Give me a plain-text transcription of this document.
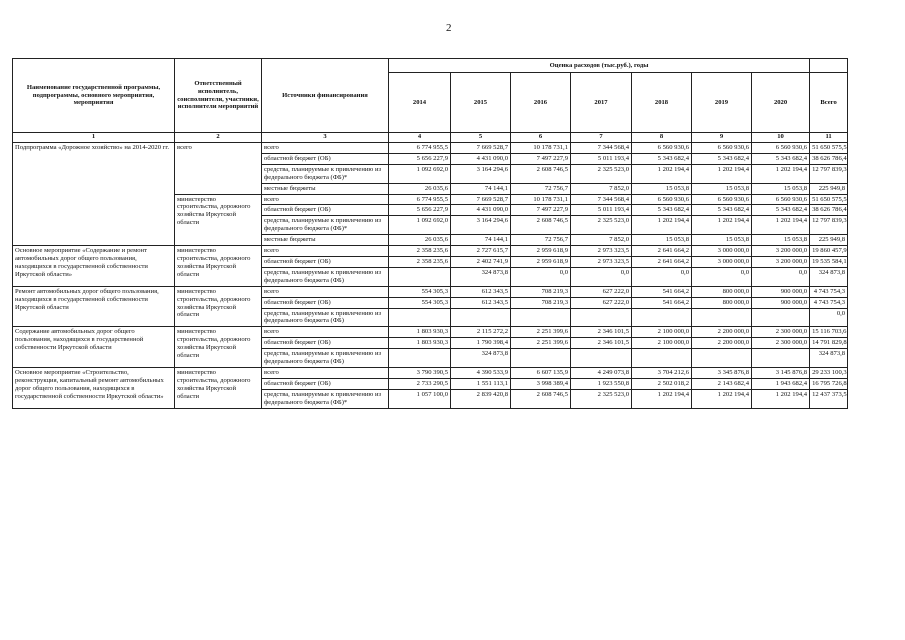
2
Наименование государственной программы, подпрограммы, основного мероприятия, мероприятия	Ответственный исполнитель, соисполнители, участники, исполнители мероприятий	Источники финансирования	Оценка расходов (тыс.руб.), годы							
			2014	2015	2016	2017	2018	2019	2020	Всего
1	2	3	4	5	6	7	8	9	10	11
Подпрограмма «Дорожное хозяйство» на 2014-2020 гг.	всего	всего	6 774 955,5	7 669 528,7	10 178 731,1	7 344 568,4	6 560 930,6	6 560 930,6	6 560 930,6	51 650 575,5
		областной бюджет (ОБ)	5 656 227,9	4 431 090,0	7 497 227,9	5 011 193,4	5 343 682,4	5 343 682,4	5 343 682,4	38 626 786,4
		средства, планируемые к привлечению из федерального бюджета (ФБ)*	1 092 692,0	3 164 294,6	2 608 746,5	2 325 523,0	1 202 194,4	1 202 194,4	1 202 194,4	12 797 839,3
		местные бюджеты	26 035,6	74 144,1	72 756,7	7 852,0	15 053,8	15 053,8	15 053,8	225 949,8
	министерство строительства, дорожного хозяйства Иркутской области	всего	6 774 955,5	7 669 528,7	10 178 731,1	7 344 568,4	6 560 930,6	6 560 930,6	6 560 930,6	51 650 575,5
		областной бюджет (ОБ)	5 656 227,9	4 431 090,0	7 497 227,9	5 011 193,4	5 343 682,4	5 343 682,4	5 343 682,4	38 626 786,4
		средства, планируемые к привлечению из федерального бюджета (ФБ)*	1 092 692,0	3 164 294,6	2 608 746,5	2 325 523,0	1 202 194,4	1 202 194,4	1 202 194,4	12 797 839,3
		местные бюджеты	26 035,6	74 144,1	72 756,7	7 852,0	15 053,8	15 053,8	15 053,8	225 949,8
Основное мероприятие «Содержание и ремонт автомобильных дорог общего пользования, находящихся в государственной собственности Иркутской области»	министерство строительства, дорожного хозяйства Иркутской области	всего	2 358 235,6	2 727 615,7	2 959 618,9	2 973 323,5	2 641 664,2	3 000 000,0	3 200 000,0	19 860 457,9
		областной бюджет (ОБ)	2 358 235,6	2 402 741,9	2 959 618,9	2 973 323,5	2 641 664,2	3 000 000,0	3 200 000,0	19 535 584,1
		средства, планируемые к привлечению из федерального бюджета (ФБ)		324 873,8	0,0	0,0	0,0	0,0	0,0	324 873,8
Ремонт автомобильных дорог общего пользования, находящихся в государственной собственности Иркутской области	министерство строительства, дорожного хозяйства Иркутской области	всего	554 305,3	612 343,5	708 219,3	627 222,0	541 664,2	800 000,0	900 000,0	4 743 754,3
		областной бюджет (ОБ)	554 305,3	612 343,5	708 219,3	627 222,0	541 664,2	800 000,0	900 000,0	4 743 754,3
		средства, планируемые к привлечению из федерального бюджета (ФБ)								0,0
Содержание автомобильных дорог общего пользования, находящихся в государственной собственности Иркутской области	министерство строительства, дорожного хозяйства Иркутской области	всего	1 803 930,3	2 115 272,2	2 251 399,6	2 346 101,5	2 100 000,0	2 200 000,0	2 300 000,0	15 116 703,6
		областной бюджет (ОБ)	1 803 930,3	1 790 398,4	2 251 399,6	2 346 101,5	2 100 000,0	2 200 000,0	2 300 000,0	14 791 829,8
		средства, планируемые к привлечению из федерального бюджета (ФБ)		324 873,8						324 873,8
Основное мероприятие «Строительство, реконструкция, капитальный ремонт автомобильных дорог общего пользования, находящихся в государственной собственности Иркутской области»	министерство строительства, дорожного хозяйства Иркутской области	всего	3 790 390,5	4 390 533,9	6 607 135,9	4 249 073,8	3 704 212,6	3 345 876,8	3 145 876,8	29 233 100,3
		областной бюджет (ОБ)	2 733 290,5	1 551 113,1	3 998 389,4	1 923 550,8	2 502 018,2	2 143 682,4	1 943 682,4	16 795 726,8
		средства, планируемые к привлечению из федерального бюджета (ФБ)*	1 057 100,0	2 839 420,8	2 608 746,5	2 325 523,0	1 202 194,4	1 202 194,4	1 202 194,4	12 437 373,5
